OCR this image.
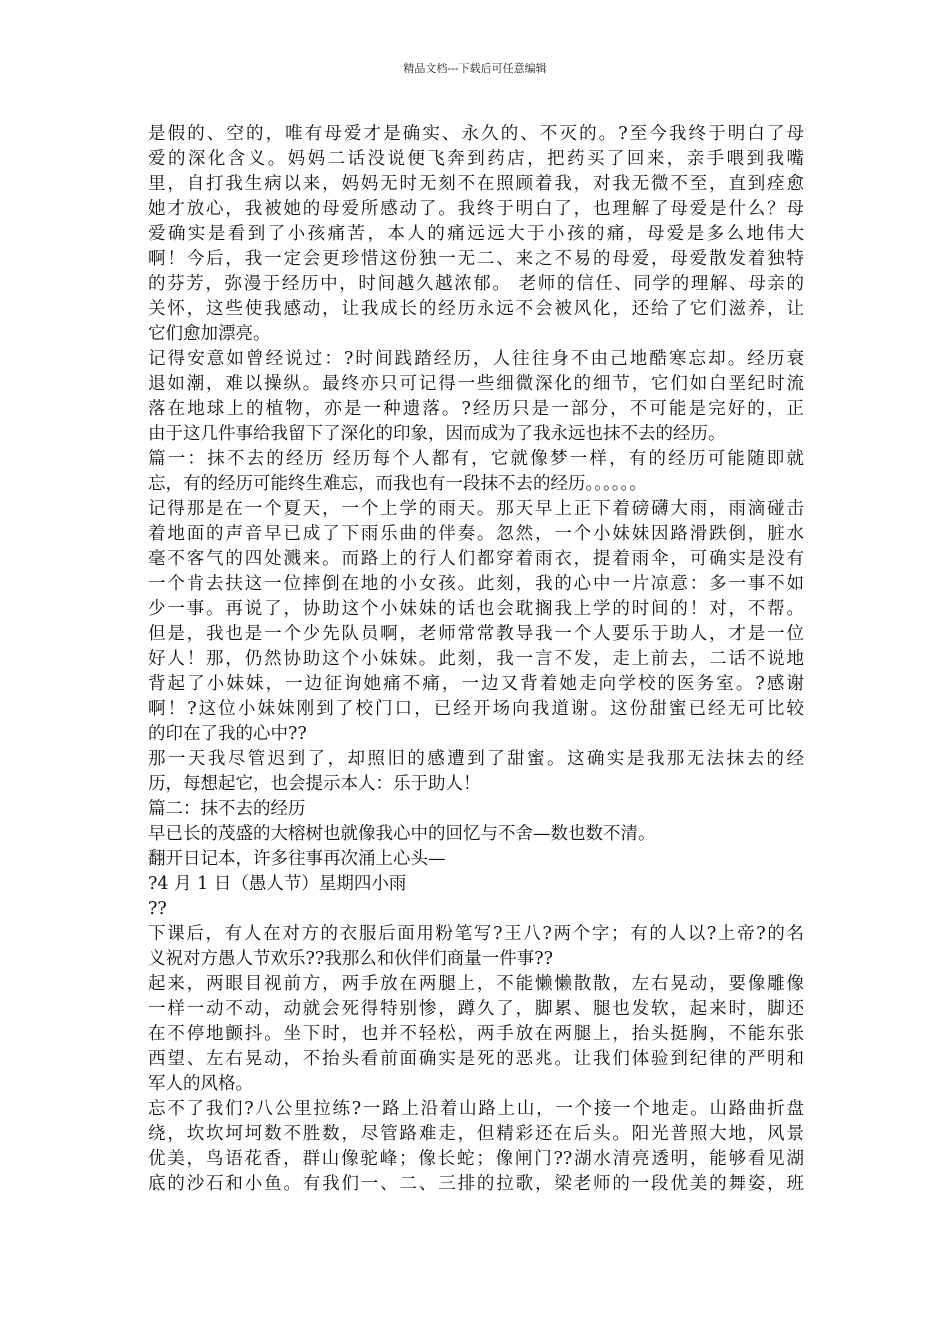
精品文档---下载后可任意编辑
是假的、空的，唯有母爱才是确实、永久的、不灭的。?至今我终于明白了母
爱的深化含义。妈妈二话没说便飞奔到药店，把药买了回来，亲手喂到我嘴
里，自打我生病以来，妈妈无时无刻不在照顾着我，对我无微不至，直到痊愈
她才放心，我被她的母爱所感动了。我终于明白了，也理解了母爱是什么？母
爱确实是看到了小孩痛苦，本人的痛远远大于小孩的痛，母爱是多么地伟大
啊！今后，我一定会更珍惜这份独一无二、来之不易的母爱，母爱散发着独特
的芬芳，弥漫于经历中，时间越久越浓郁。 老师的信任、同学的理解、母亲的
关怀，这些使我感动，让我成长的经历永远不会被风化，还给了它们滋养，让
它们愈加漂亮。
记得安意如曾经说过：?时间践踏经历，人往往身不由己地酷寒忘却。经历衰
退如潮，难以操纵。最终亦只可记得一些细微深化的细节，它们如白垩纪时流
落在地球上的植物，亦是一种遗落。?经历只是一部分，不可能是完好的，正
由于这几件事给我留下了深化的印象，因而成为了我永远也抹不去的经历。
篇一：抹不去的经历 经历每个人都有，它就像梦一样，有的经历可能随即就
忘，有的经历可能终生难忘，而我也有一段抹不去的经历。。。。。。
记得那是在一个夏天，一个上学的雨天。那天早上正下着磅礴大雨，雨滴碰击
着地面的声音早已成了下雨乐曲的伴奏。忽然，一个小妹妹因路滑跌倒，脏水
毫不客气的四处溅来。而路上的行人们都穿着雨衣，提着雨伞，可确实是没有
一个肯去扶这一位摔倒在地的小女孩。此刻，我的心中一片凉意：多一事不如
少一事。再说了，协助这个小妹妹的话也会耽搁我上学的时间的！对，不帮。
但是，我也是一个少先队员啊，老师常常教导我一个人要乐于助人，才是一位
好人！那，仍然协助这个小妹妹。此刻，我一言不发，走上前去，二话不说地
背起了小妹妹，一边征询她痛不痛，一边又背着她走向学校的医务室。?感谢
啊！?这位小妹妹刚到了校门口，已经开场向我道谢。这份甜蜜已经无可比较
的印在了我的心中??
那一天我尽管迟到了，却照旧的感遭到了甜蜜。这确实是我那无法抹去的经
历，每想起它，也会提示本人：乐于助人！
篇二：抹不去的经历
早已长的茂盛的大榕树也就像我心中的回忆与不舍—数也数不清。
翻开日记本，许多往事再次涌上心头—
?4 月 1 日（愚人节）星期四小雨
??
下课后，有人在对方的衣服后面用粉笔写?王八?两个字；有的人以?上帝?的名
义祝对方愚人节欢乐??我那么和伙伴们商量一件事??
起来，两眼目视前方，两手放在两腿上，不能懒懒散散，左右晃动，要像雕像
一样一动不动，动就会死得特别惨，蹲久了，脚累、腿也发软，起来时，脚还
在不停地颤抖。坐下时，也并不轻松，两手放在两腿上，抬头挺胸，不能东张
西望、左右晃动，不抬头看前面确实是死的恶兆。让我们体验到纪律的严明和
军人的风格。
忘不了我们?八公里拉练?一路上沿着山路上山，一个接一个地走。山路曲折盘
绕，坎坎坷坷数不胜数，尽管路难走，但精彩还在后头。阳光普照大地，风景
优美，鸟语花香，群山像驼峰；像长蛇；像闸门??湖水清亮透明，能够看见湖
底的沙石和小鱼。有我们一、二、三排的拉歌，梁老师的一段优美的舞姿，班
